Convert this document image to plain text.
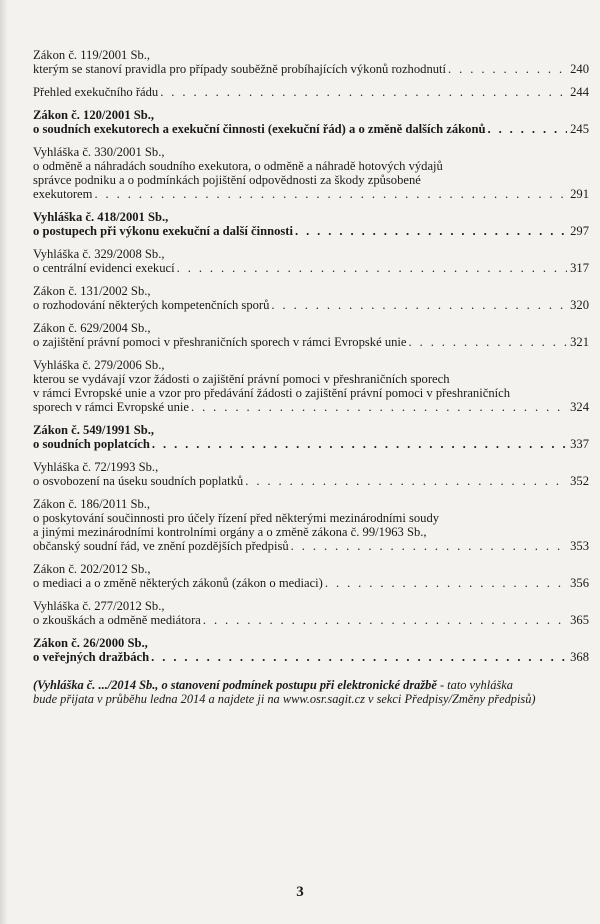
Zákon č. 119/2001 Sb.,
kterým se stanoví pravidla pro případy souběžně probíhajících výkonů rozhodnutí . . .	240
Přehled exekučního řádu . . .	244
Zákon č. 120/2001 Sb.,
o soudních exekutorech a exekuční činnosti (exekuční řád) a o změně dalších zákonů . . .	245
Vyhláška č. 330/2001 Sb.,
o odměně a náhradách soudního exekutora, o odměně a náhradě hotových výdajů
správce podniku a o podmínkách pojištění odpovědnosti za škody způsobené
exekutorem . . .	291
Vyhláška č. 418/2001 Sb.,
o postupech při výkonu exekuční a další činnosti . . .	297
Vyhláška č. 329/2008 Sb.,
o centrální evidenci exekucí . . .	317
Zákon č. 131/2002 Sb.,
o rozhodování některých kompetenčních sporů . . .	320
Zákon č. 629/2004 Sb.,
o zajištění právní pomoci v přeshraničních sporech v rámci Evropské unie . . .	321
Vyhláška č. 279/2006 Sb.,
kterou se vydávají vzor žádosti o zajištění právní pomoci v přeshraničních sporech
v rámci Evropské unie a vzor pro předávání žádosti o zajištění právní pomoci v přeshraničních
sporech v rámci Evropské unie . . .	324
Zákon č. 549/1991 Sb.,
o soudních poplatcích . . .	337
Vyhláška č. 72/1993 Sb.,
o osvobození na úseku soudních poplatků . . .	352
Zákon č. 186/2011 Sb.,
o poskytování součinnosti pro účely řízení před některými mezinárodními soudy
a jinými mezinárodními kontrolními orgány a o změně zákona č. 99/1963 Sb.,
občanský soudní řád, ve znění pozdějších předpisů . . .	353
Zákon č. 202/2012 Sb.,
o mediaci a o změně některých zákonů (zákon o mediaci) . . .	356
Vyhláška č. 277/2012 Sb.,
o zkouškách a odměně mediátora . . .	365
Zákon č. 26/2000 Sb.,
o veřejných dražbách . . .	368
(Vyhláška č. .../2014 Sb., o stanovení podmínek postupu při elektronické dražbě - tato vyhláška
bude přijata v průběhu ledna 2014 a najdete ji na www.osr.sagit.cz v sekci Předpisy/Změny předpisů)
3
